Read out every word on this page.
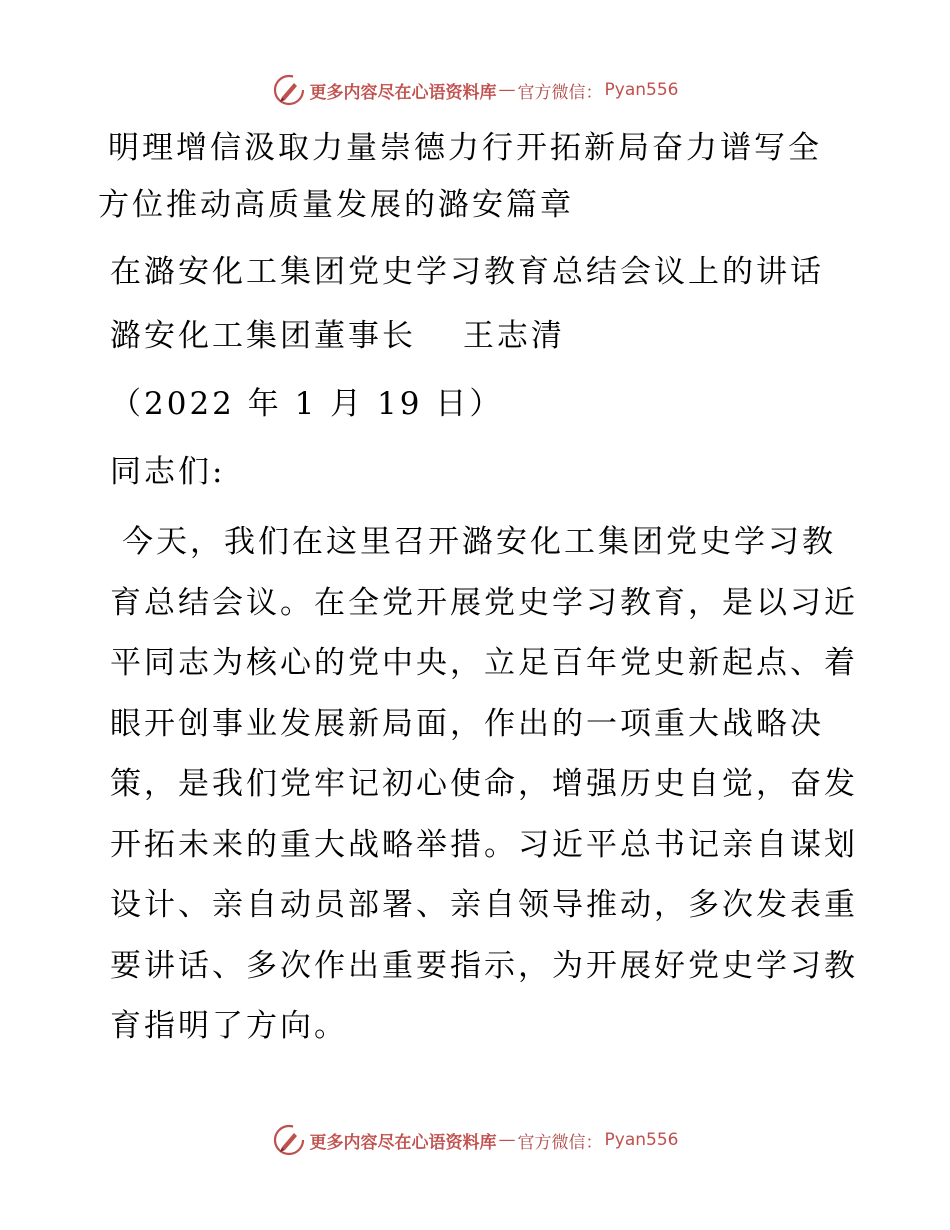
更多内容尽在心语资料库 — 官方微信： Pyan556
明理增信汲取力量崇德力行开拓新局奋力谱写全
方位推动高质量发展的潞安篇章
在潞安化工集团党史学习教育总结会议上的讲话
潞安化工集团董事长　 王志清
（2022 年 1 月 19 日）
同志们:
今天，我们在这里召开潞安化工集团党史学习教
育总结会议。在全党开展党史学习教育，是以习近
平同志为核心的党中央，立足百年党史新起点、着
眼开创事业发展新局面，作出的一项重大战略决
策，是我们党牢记初心使命，增强历史自觉，奋发
开拓未来的重大战略举措。习近平总书记亲自谋划
设计、亲自动员部署、亲自领导推动，多次发表重
要讲话、多次作出重要指示，为开展好党史学习教
育指明了方向。
更多内容尽在心语资料库 — 官方微信： Pyan556
